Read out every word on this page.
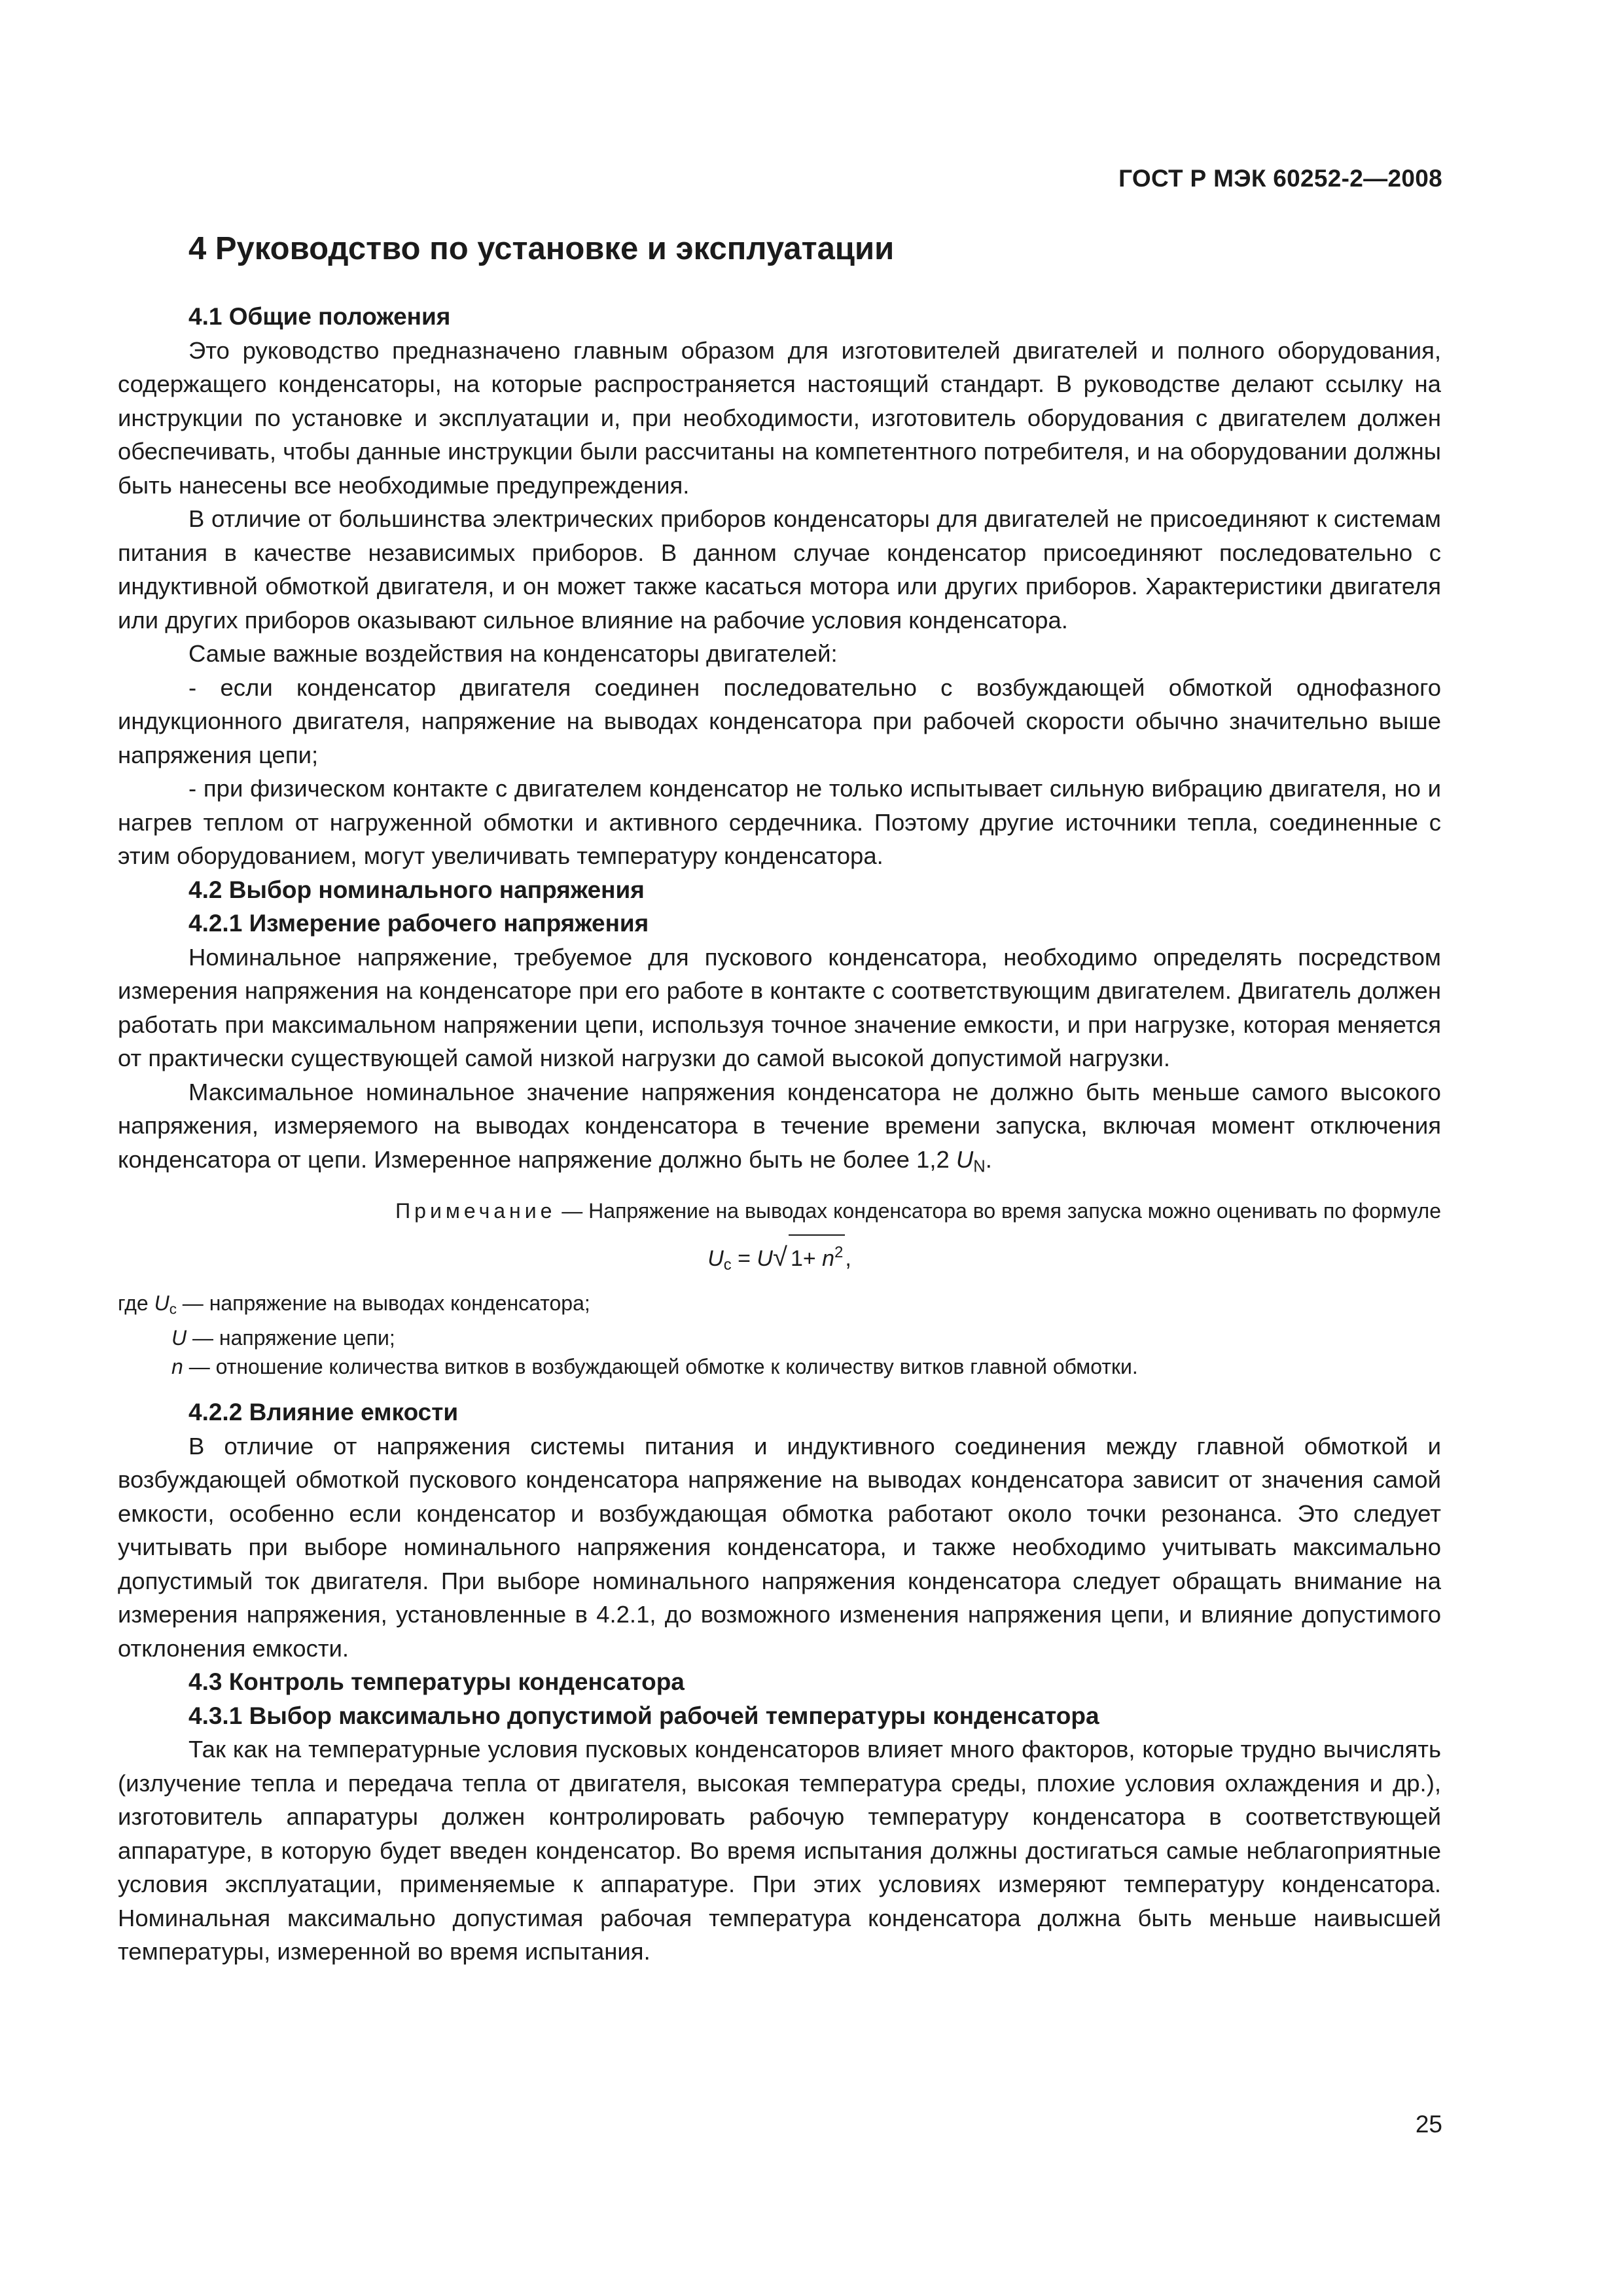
ГОСТ Р МЭК 60252-2—2008
4 Руководство по установке и эксплуатации
4.1 Общие положения

Это руководство предназначено главным образом для изготовителей двигателей и полного оборудования, содержащего конденсаторы, на которые распространяется настоящий стандарт. В руководстве делают ссылку на инструкции по установке и эксплуатации и, при необходимости, изготовитель оборудования с двигателем должен обеспечивать, чтобы данные инструкции были рассчитаны на компетентного потребителя, и на оборудовании должны быть нанесены все необходимые предупреждения.

В отличие от большинства электрических приборов конденсаторы для двигателей не присоединяют к системам питания в качестве независимых приборов. В данном случае конденсатор присоединяют последовательно с индуктивной обмоткой двигателя, и он может также касаться мотора или других приборов. Характеристики двигателя или других приборов оказывают сильное влияние на рабочие условия конденсатора.

Самые важные воздействия на конденсаторы двигателей:

- если конденсатор двигателя соединен последовательно с возбуждающей обмоткой однофазного индукционного двигателя, напряжение на выводах конденсатора при рабочей скорости обычно значительно выше напряжения цепи;

- при физическом контакте с двигателем конденсатор не только испытывает сильную вибрацию двигателя, но и нагрев теплом от нагруженной обмотки и активного сердечника. Поэтому другие источники тепла, соединенные с этим оборудованием, могут увеличивать температуру конденсатора.

4.2 Выбор номинального напряжения
4.2.1 Измерение рабочего напряжения

Номинальное напряжение, требуемое для пускового конденсатора, необходимо определять посредством измерения напряжения на конденсаторе при его работе в контакте с соответствующим двигателем. Двигатель должен работать при максимальном напряжении цепи, используя точное значение емкости, и при нагрузке, которая меняется от практически существующей самой низкой нагрузки до самой высокой допустимой нагрузки.

Максимальное номинальное значение напряжения конденсатора не должно быть меньше самого высокого напряжения, измеряемого на выводах конденсатора в течение времени запуска, включая момент отключения конденсатора от цепи. Измеренное напряжение должно быть не более 1,2 $U_N$.

Примечание — Напряжение на выводах конденсатора во время запуска можно оценивать по формуле
$U_c = U√$ $1+ n^2$,
где $U_c$ — напряжение на выводах конденсатора;
U — напряжение цепи;
n — отношение количества витков в возбуждающей обмотке к количеству витков главной обмотки.
4.2.2 Влияние емкости

В отличие от напряжения системы питания и индуктивного соединения между главной обмоткой и возбуждающей обмоткой пускового конденсатора напряжение на выводах конденсатора зависит от значения самой емкости, особенно если конденсатор и возбуждающая обмотка работают около точки резонанса. Это следует учитывать при выборе номинального напряжения конденсатора, и также необходимо учитывать максимально допустимый ток двигателя. При выборе номинального напряжения конденсатора следует обращать внимание на измерения напряжения, установленные в 4.2.1, до возможного изменения напряжения цепи, и влияние допустимого отклонения емкости.

4.3 Контроль температуры конденсатора
4.3.1 Выбор максимально допустимой рабочей температуры конденсатора

Так как на температурные условия пусковых конденсаторов влияет много факторов, которые трудно вычислять (излучение тепла и передача тепла от двигателя, высокая температура среды, плохие условия охлаждения и др.), изготовитель аппаратуры должен контролировать рабочую температуру конденсатора в соответствующей аппаратуре, в которую будет введен конденсатор. Во время испытания должны достигаться самые неблагоприятные условия эксплуатации, применяемые к аппаратуре. При этих условиях измеряют температуру конденсатора. Номинальная максимально допустимая рабочая температура конденсатора должна быть меньше наивысшей температуры, измеренной во время испытания.

25
